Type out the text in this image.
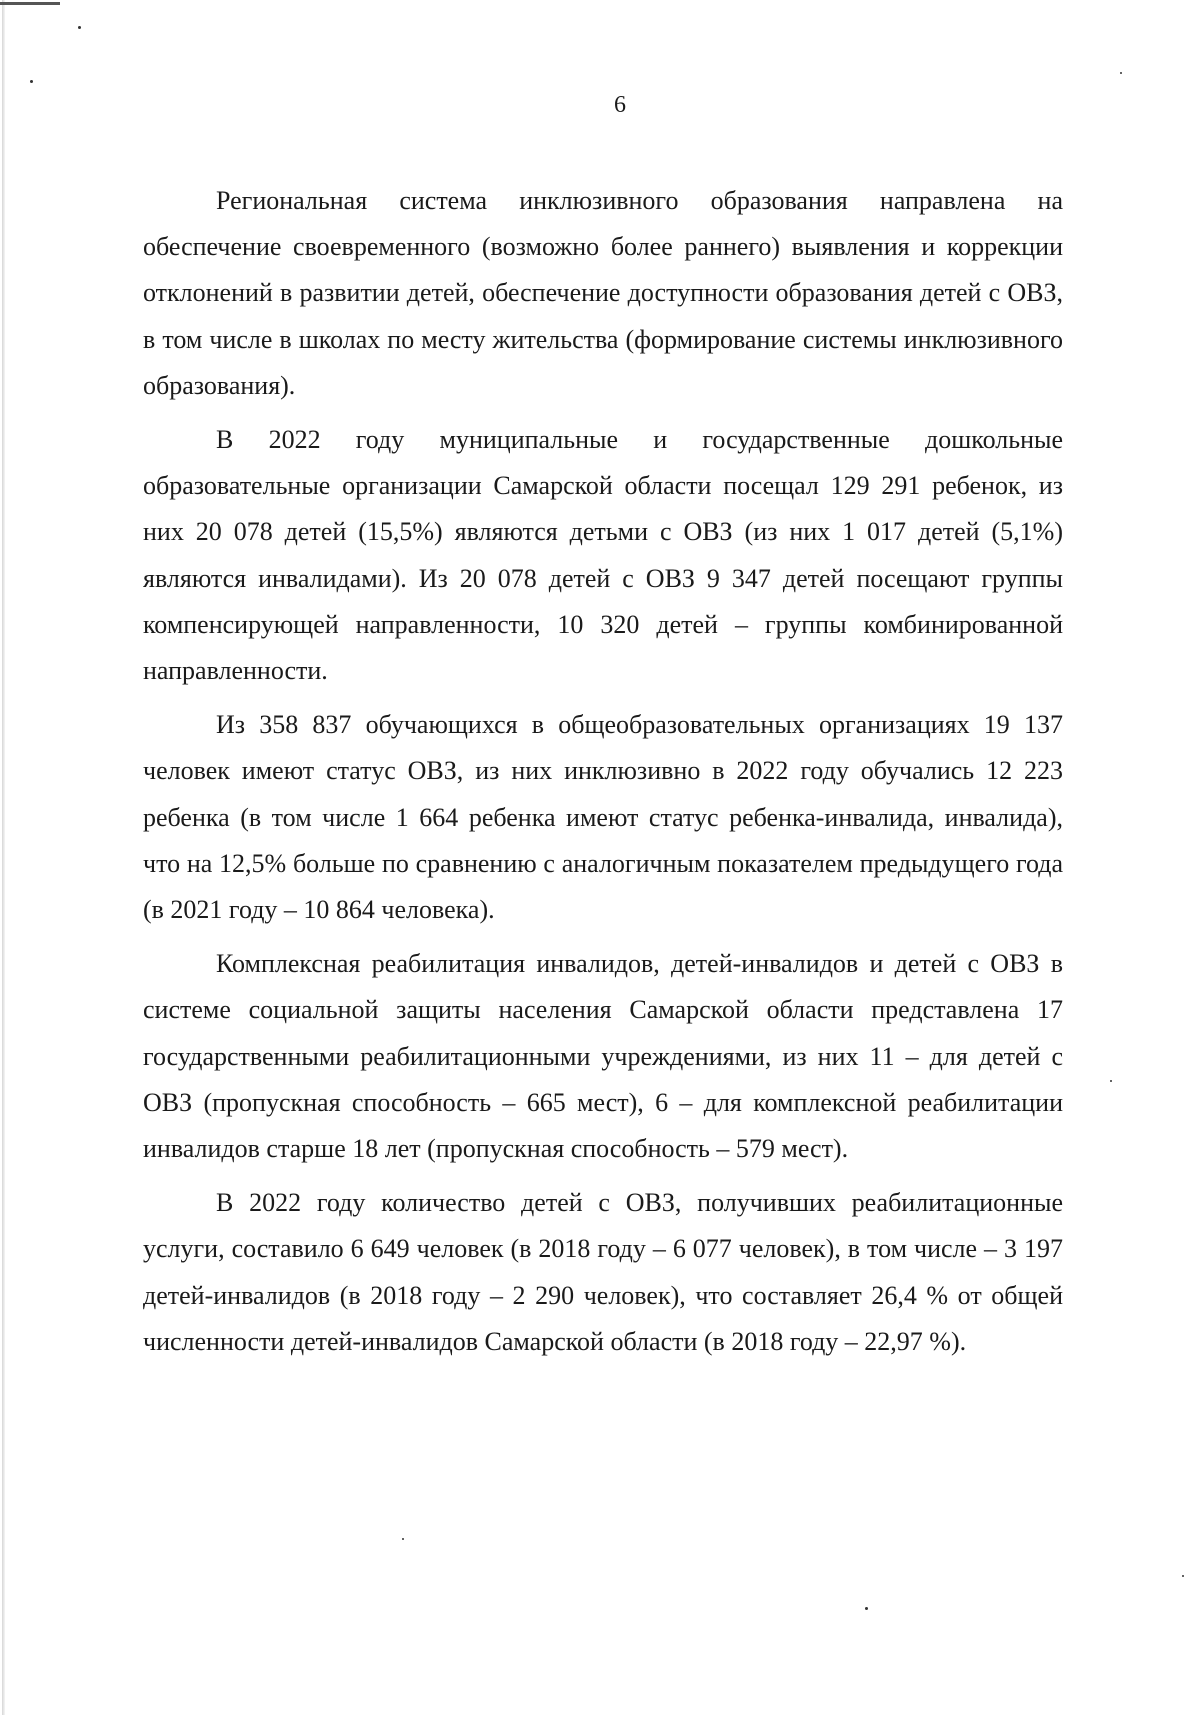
6

Региональная система инклюзивного образования направлена на обеспечение своевременного (возможно более раннего) выявления и коррекции отклонений в развитии детей, обеспечение доступности образования детей с ОВЗ, в том числе в школах по месту жительства (формирование системы инклюзивного образования).

В 2022 году муниципальные и государственные дошкольные образовательные организации Самарской области посещал 129 291 ребенок, из них 20 078 детей (15,5%) являются детьми с ОВЗ (из них 1 017 детей (5,1%) являются инвалидами). Из 20 078 детей с ОВЗ 9 347 детей посещают группы компенсирующей направленности, 10 320 детей – группы комбинированной направленности.

Из 358 837 обучающихся в общеобразовательных организациях 19 137 человек имеют статус ОВЗ, из них инклюзивно в 2022 году обучались 12 223 ребенка (в том числе 1 664 ребенка имеют статус ребенка-инвалида, инвалида), что на 12,5% больше по сравнению с аналогичным показателем предыдущего года (в 2021 году – 10 864 человека).

Комплексная реабилитация инвалидов, детей-инвалидов и детей с ОВЗ в системе социальной защиты населения Самарской области представлена 17 государственными реабилитационными учреждениями, из них 11 – для детей с ОВЗ (пропускная способность – 665 мест), 6 – для комплексной реабилитации инвалидов старше 18 лет (пропускная способность – 579 мест).

В 2022 году количество детей с ОВЗ, получивших реабилитационные услуги, составило 6 649 человек (в 2018 году – 6 077 человек), в том числе – 3 197 детей-инвалидов (в 2018 году – 2 290 человек), что составляет 26,4 % от общей численности детей-инвалидов Самарской области (в 2018 году – 22,97 %).
